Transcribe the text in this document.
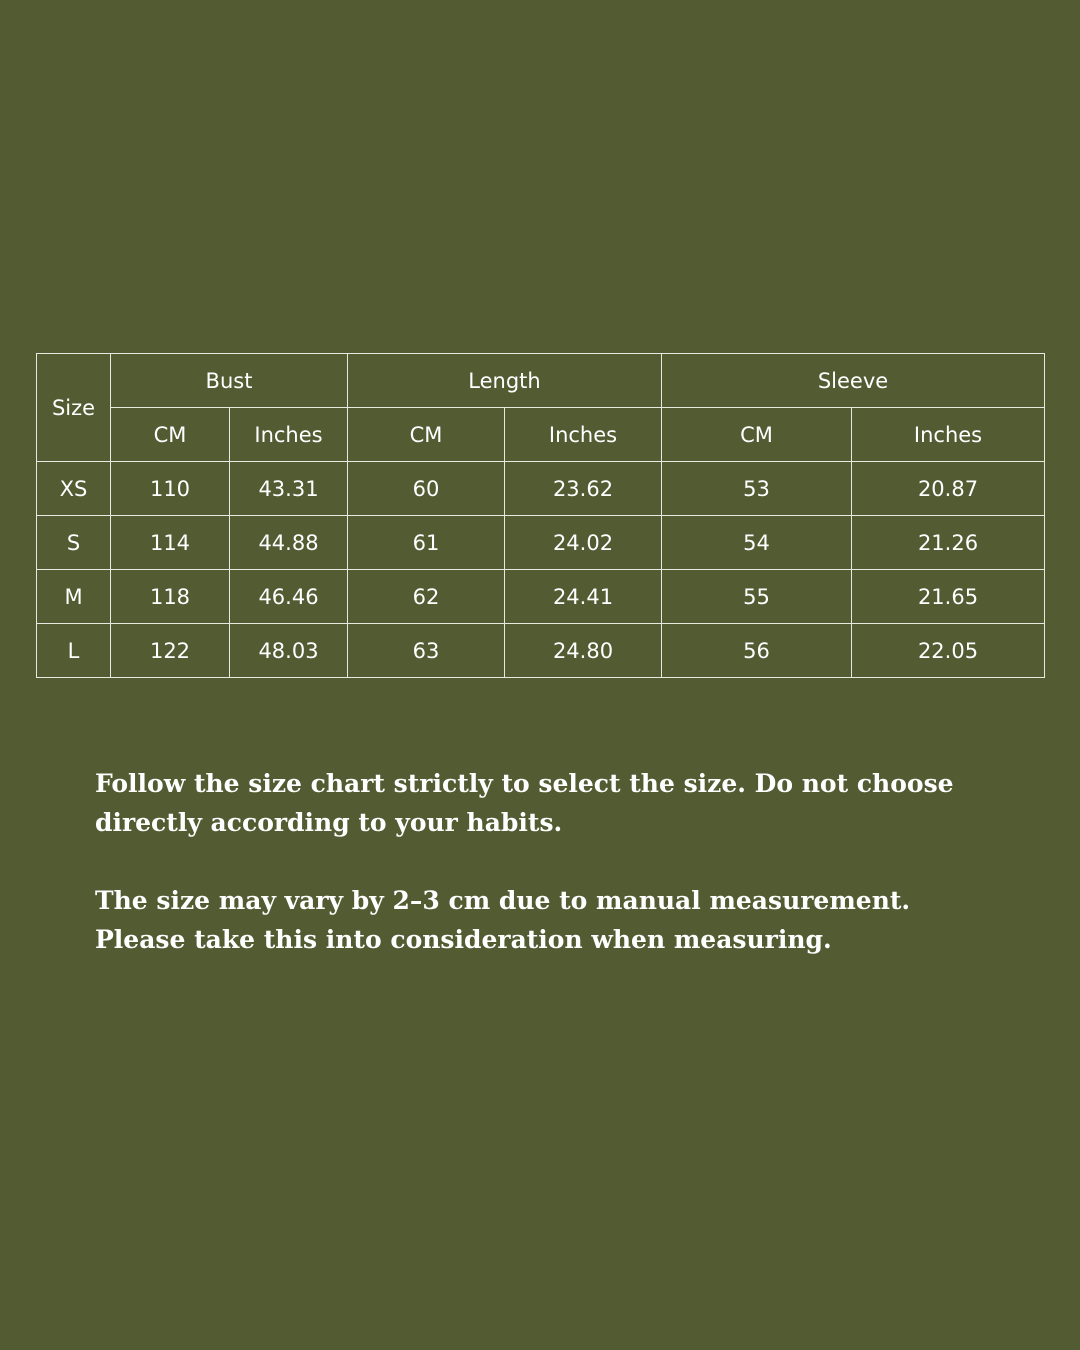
Size	Bust		Length		Sleeve	
	CM	Inches	CM	Inches	CM	Inches
XS	110	43.31	60	23.62	53	20.87
S	114	44.88	61	24.02	54	21.26
M	118	46.46	62	24.41	55	21.65
L	122	48.03	63	24.80	56	22.05

Follow the size chart strictly to select the size. Do not choose directly according to your habits.

The size may vary by 2–3 cm due to manual measurement. Please take this into consideration when measuring.
